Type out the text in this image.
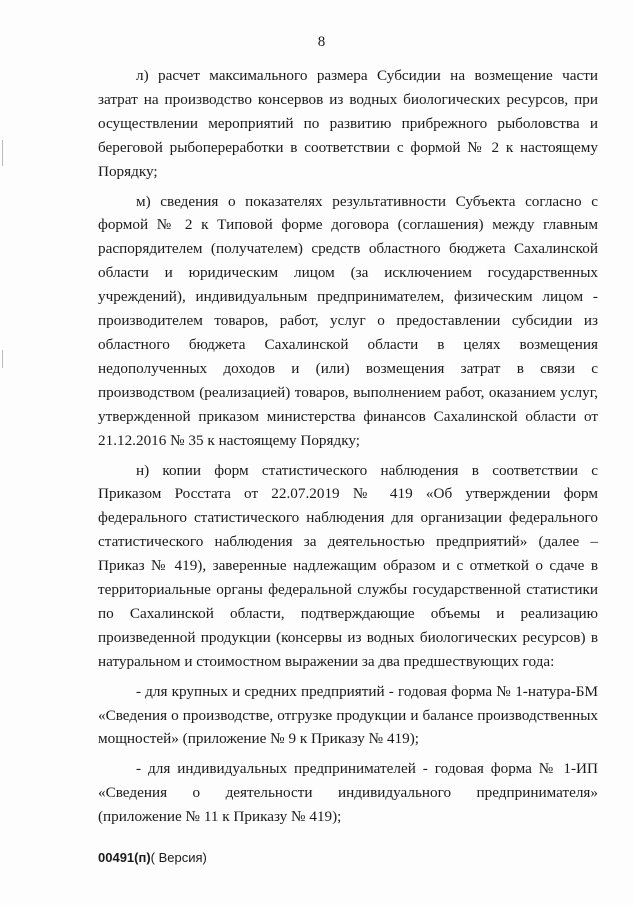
8

л) расчет максимального размера Субсидии на возмещение части затрат на производство консервов из водных биологических ресурсов, при осуществлении мероприятий по развитию прибрежного рыболовства и береговой рыбопереработки в соответствии с формой № 2 к настоящему Порядку;

м) сведения о показателях результативности Субъекта согласно с формой № 2 к Типовой форме договора (соглашения) между главным распорядителем (получателем) средств областного бюджета Сахалинской области и юридическим лицом (за исключением государственных учреждений), индивидуальным предпринимателем, физическим лицом - производителем товаров, работ, услуг о предоставлении субсидии из областного бюджета Сахалинской области в целях возмещения недополученных доходов и (или) возмещения затрат в связи с производством (реализацией) товаров, выполнением работ, оказанием услуг, утвержденной приказом министерства финансов Сахалинской области от 21.12.2016 № 35 к настоящему Порядку;

н) копии форм статистического наблюдения в соответствии с Приказом Росстата от 22.07.2019 № 419 «Об утверждении форм федерального статистического наблюдения для организации федерального статистического наблюдения за деятельностью предприятий» (далее – Приказ № 419), заверенные надлежащим образом и с отметкой о сдаче в территориальные органы федеральной службы государственной статистики по Сахалинской области, подтверждающие объемы и реализацию произведенной продукции (консервы из водных биологических ресурсов) в натуральном и стоимостном выражении за два предшествующих года:

- для крупных и средних предприятий - годовая форма № 1-натура-БМ «Сведения о производстве, отгрузке продукции и балансе производственных мощностей» (приложение № 9 к Приказу № 419);

- для индивидуальных предпринимателей - годовая форма № 1-ИП «Сведения о деятельности индивидуального предпринимателя» (приложение № 11 к Приказу № 419);

00491(п)( Версия)
